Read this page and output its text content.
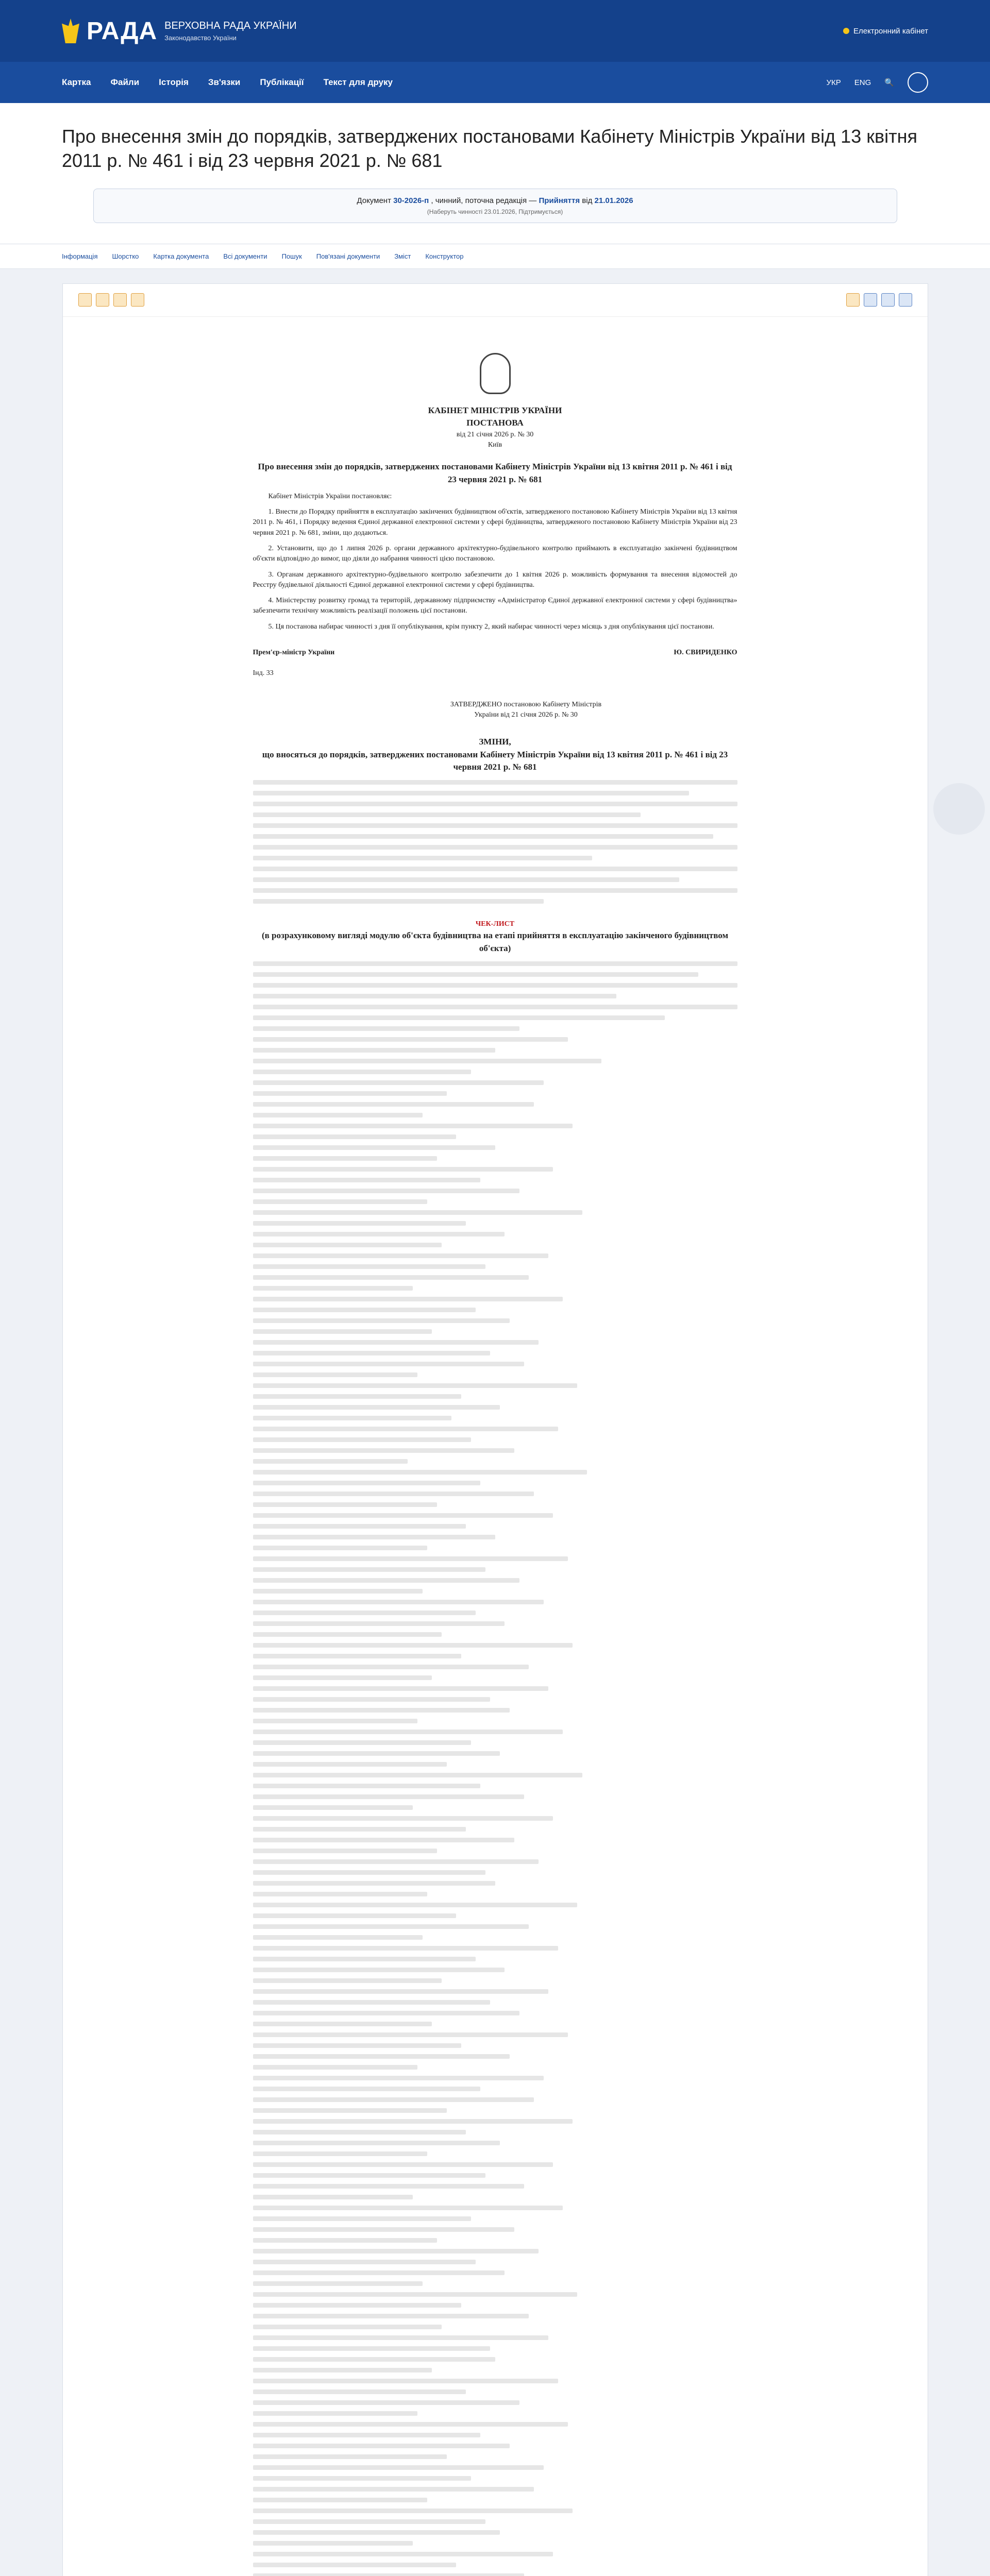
РАДА ВЕРХОВНА РАДА УКРАЇНИ
Законодавство України
Електронний кабінет
Картка Файли Історія Зв'язки Публікації Текст для друку	УКР ENG 🔍
Про внесення змін до порядків, затверджених постановами Кабінету Міністрів України від 13 квітня 2011 р. № 461 і від 23 червня 2021 р. № 681
Документ 30-2026-п , чинний, поточна редакція — Прийняття від 21.01.2026
(Наберуть чинності 23.01.2026, Підтримується)
Інформація Шорстко Картка документа Всі документи Пошук Пов'язані документи Зміст Конструктор
КАБІНЕТ МІНІСТРІВ УКРАЇНИ
ПОСТАНОВА
від 21 січня 2026 р. № 30
Київ
Про внесення змін до порядків, затверджених постановами Кабінету Міністрів України від 13 квітня 2011 р. № 461 і від 23 червня 2021 р. № 681
Кабінет Міністрів України постановляє:
1. Внести до Порядку прийняття в експлуатацію закінчених будівництвом об'єктів, затвердженого постановою Кабінету Міністрів України від 13 квітня 2011 р. № 461, і Порядку ведення Єдиної державної електронної системи у сфері будівництва, затвердженого постановою Кабінету Міністрів України від 23 червня 2021 р. № 681, зміни, що додаються.
2. Установити, що до 1 липня 2026 р. органи державного архітектурно-будівельного контролю приймають в експлуатацію закінчені будівництвом об'єкти відповідно до вимог, що діяли до набрання чинності цією постановою.
3. Органам державного архітектурно-будівельного контролю забезпечити до 1 квітня 2026 р. можливість формування та внесення відомостей до Реєстру будівельної діяльності Єдиної державної електронної системи у сфері будівництва.
4. Міністерству розвитку громад та територій, державному підприємству «Адміністратор Єдиної державної електронної системи у сфері будівництва» забезпечити технічну можливість реалізації положень цієї постанови.
5. Ця постанова набирає чинності з дня її опублікування, крім пункту 2, який набирає чинності через місяць з дня опублікування цієї постанови.
Прем'єр-міністр України	Ю. СВИРИДЕНКО
Інд. 33
ЗАТВЕРДЖЕНО постановою Кабінету Міністрів України від 21 січня 2026 р. № 30
ЗМІНИ,
що вносяться до порядків, затверджених постановами Кабінету Міністрів України від 13 квітня 2011 р. № 461 і від 23 червня 2021 р. № 681
ЧЕК-ЛИСТ
(в розрахунковому вигляді модулю об'єкта будівництва на етапі прийняття в експлуатацію закінченого будівництвом об'єкта)
